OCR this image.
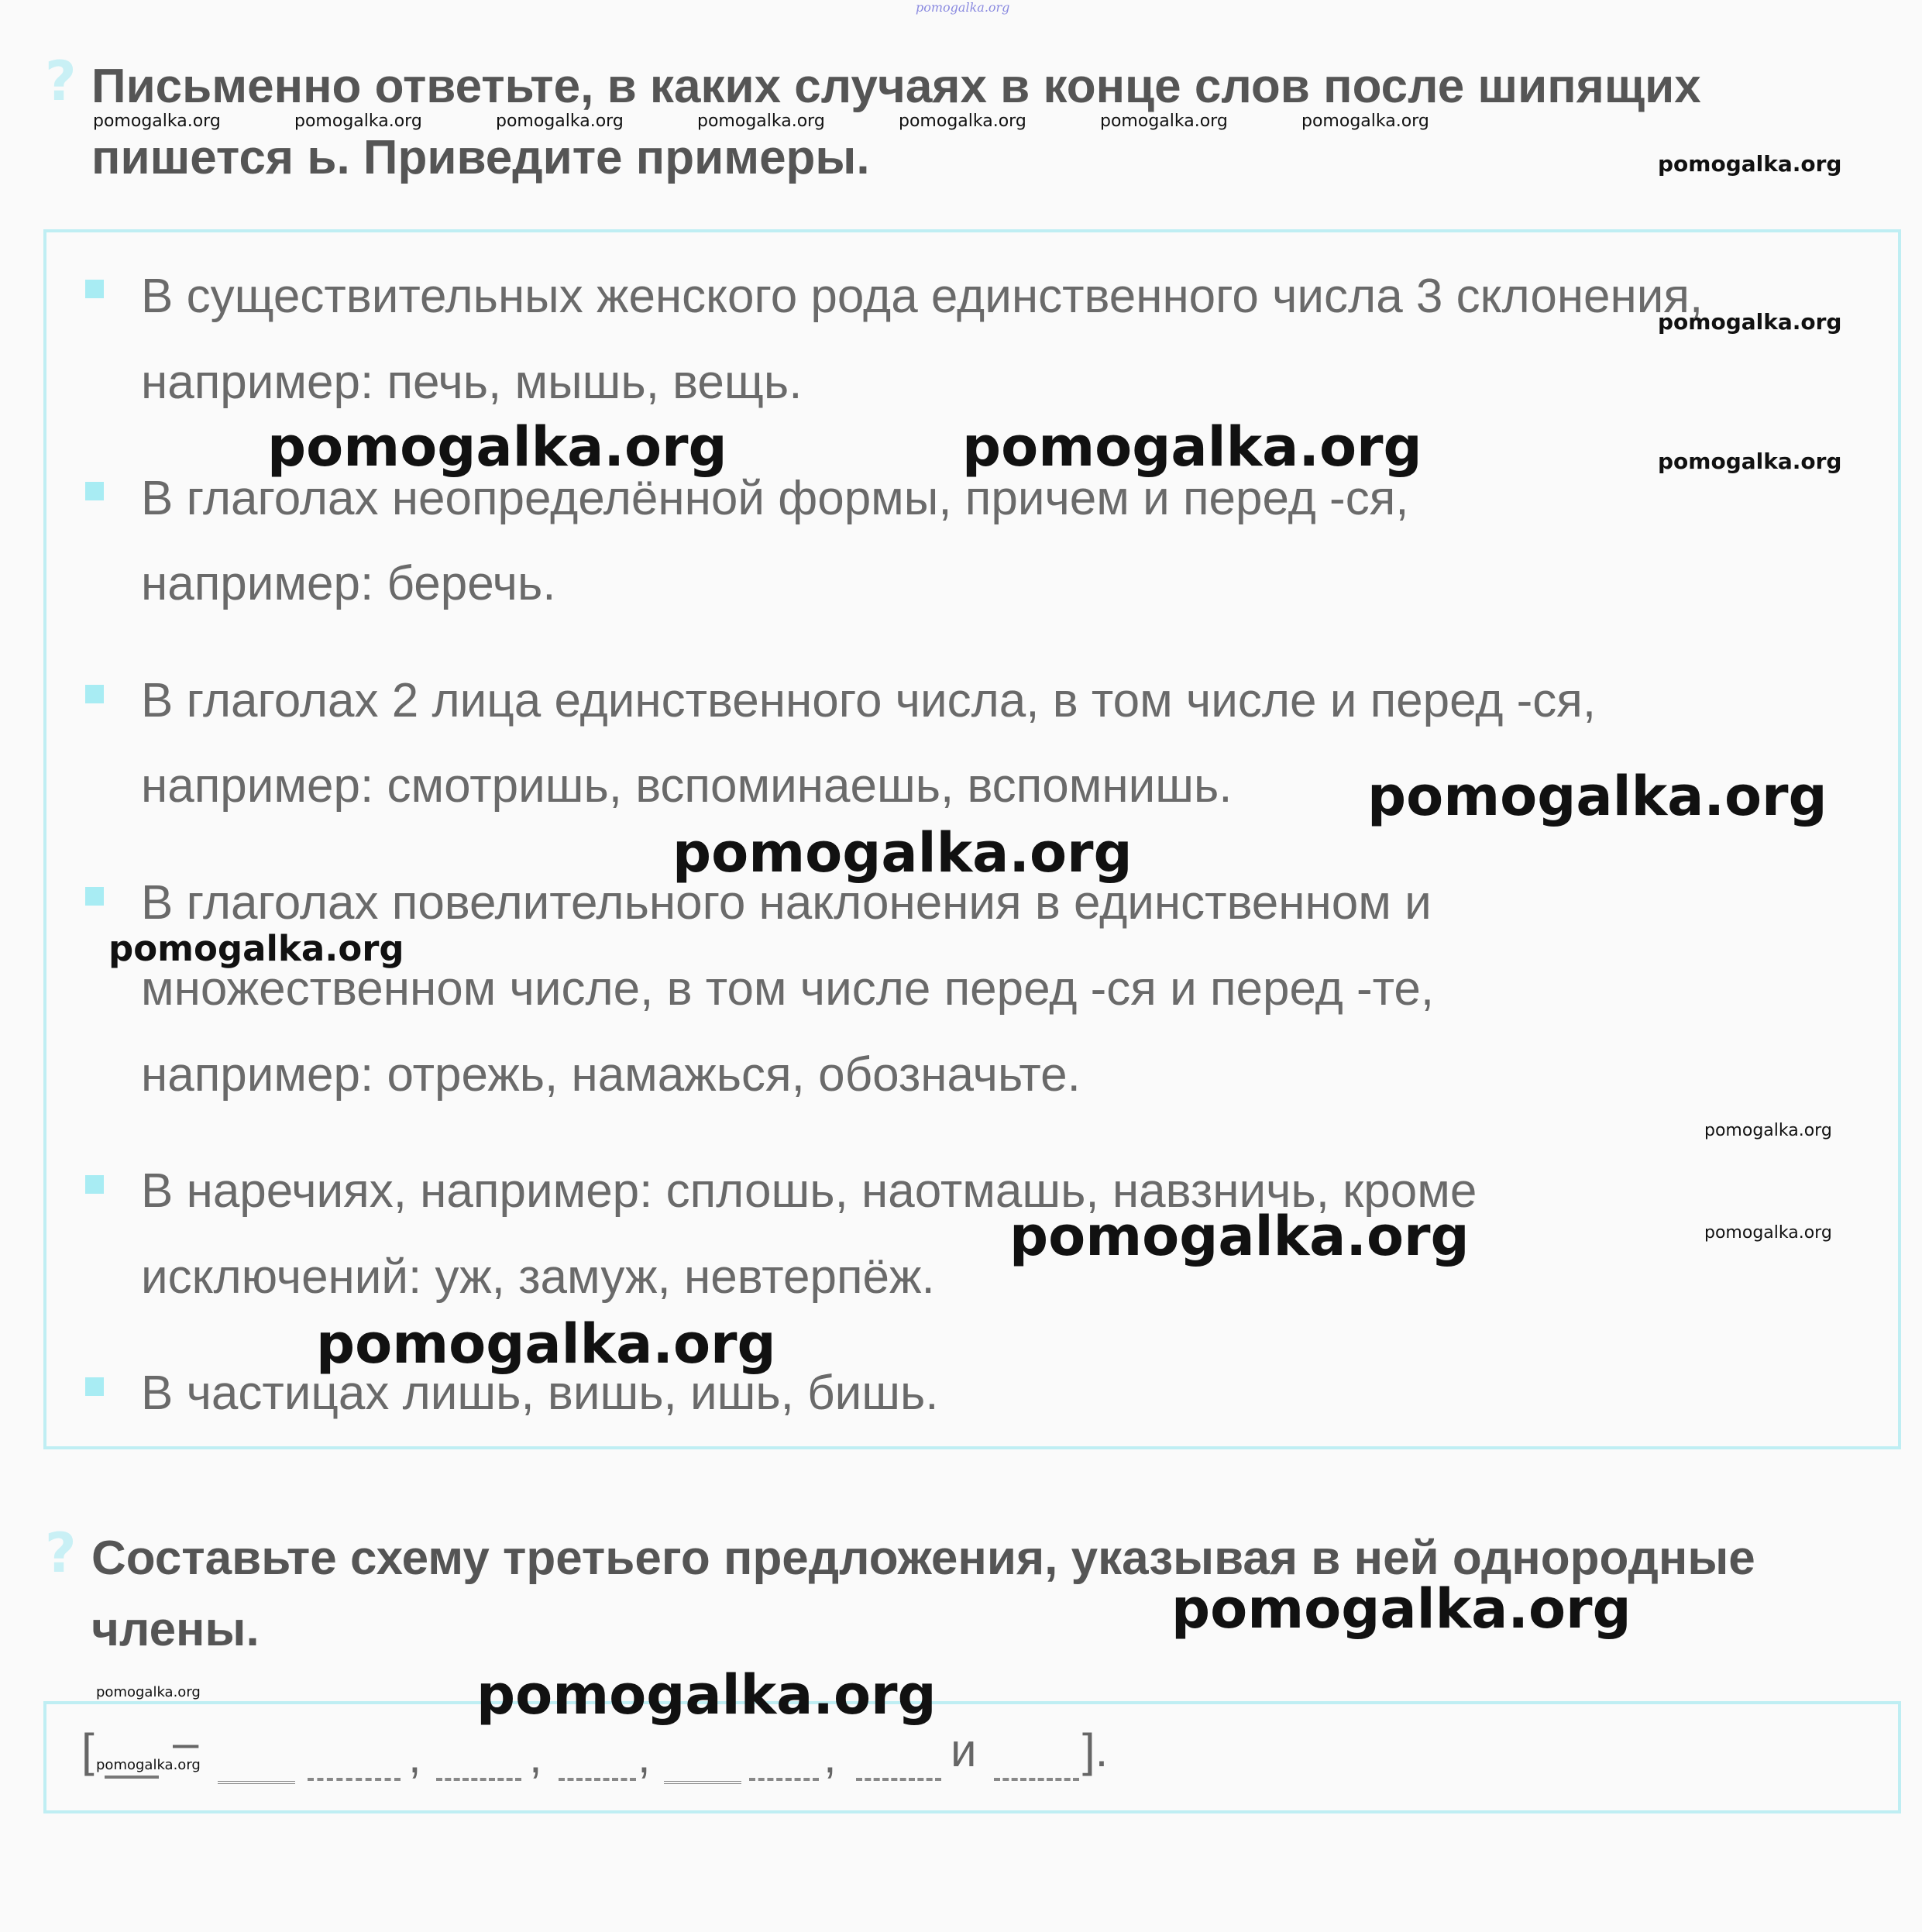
pomogalka.org
? Письменно ответьте, в каких случаях в конце слов после шипящих
пишется ь. Приведите примеры.
В существительных женского рода единственного числа 3 склонения,
например: печь, мышь, вещь.
В глаголах неопределённой формы, причем и перед -ся,
например: беречь.
В глаголах 2 лица единственного числа, в том числе и перед -ся,
например: смотришь, вспоминаешь, вспомнишь.
В глаголах повелительного наклонения в единственном и
множественном числе, в том числе перед -ся и перед -те,
например: отрежь, намажься, обозначьте.
В наречиях, например: сплошь, наотмашь, навзничь, кроме
исключений: уж, замуж, невтерпёж.
В частицах лишь, вишь, ишь, бишь.
? Составьте схему третьего предложения, указывая в ней однородные
члены.
[ –	, , ,	, и ].
pomogalka.org	pomogalka.org	pomogalka.org	pomogalka.org	pomogalka.org	pomogalka.org	pomogalka.org
pomogalka.org
pomogalka.org
pomogalka.org
pomogalka.org
pomogalka.org
pomogalka.org	pomogalka.org
pomogalka.org
pomogalka.org
pomogalka.org
pomogalka.org
pomogalka.org
pomogalka.org
pomogalka.org
pomogalka.org
pomogalka.org
